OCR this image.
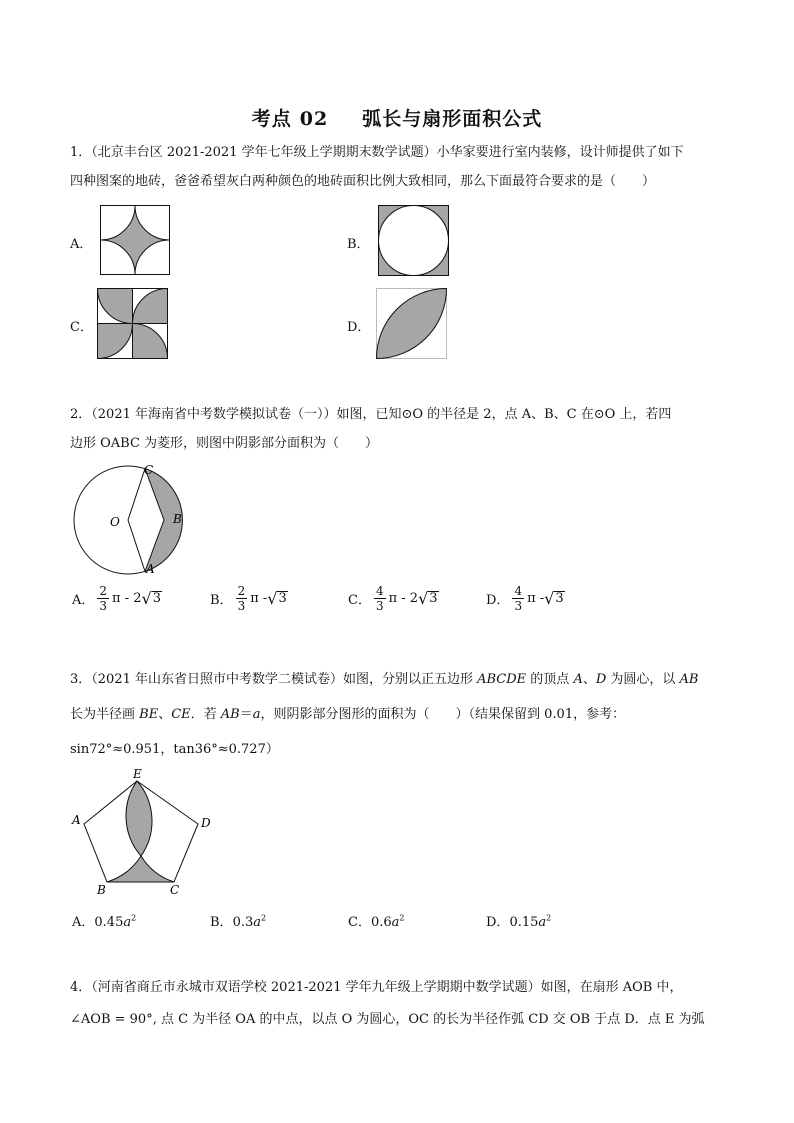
考点 02 弧长与扇形面积公式
1．（北京丰台区 2021-2021 学年七年级上学期期末数学试题）小华家要进行室内装修，设计师提供了如下
四种图案的地砖，爸爸希望灰白两种颜色的地砖面积比例大致相同，那么下面最符合要求的是（　　）
A．	B．
C．	D．
2．（2021 年海南省中考数学模拟试卷（一））如图，已知⊙O 的半径是 2，点 A、B、C 在⊙O 上，若四
边形 OABC 为菱形，则图中阴影部分面积为（　　）
O
C
B
A
A． $\frac{2}{3}$ π - 2 √ 3	B． $\frac{2}{3}$ π - √ 3	C． $\frac{4}{3}$ π - 2 √ 3	D． $\frac{4}{3}$ π - √ 3
3．（2021 年山东省日照市中考数学二模试卷）如图，分别以正五边形 ABCDE 的顶点 A、D 为圆心，以 AB
长为半径画 BE、CE．若 AB＝a，则阴影部分图形的面积为（　　）（结果保留到 0.01，参考：
sin72°≈0.951，tan36°≈0.727）
E
D
C
B
A
A．$0.45a^2$	B．$0.3a^2$	C．$0.6a^2$	D．$0.15a^2$
4．（河南省商丘市永城市双语学校 2021-2021 学年九年级上学期期中数学试题）如图，在扇形 AOB 中，
∠AOB = 90°, 点 C 为半径 OA 的中点，以点 O 为圆心，OC 的长为半径作弧 CD 交 OB 于点 D．点 E 为弧
